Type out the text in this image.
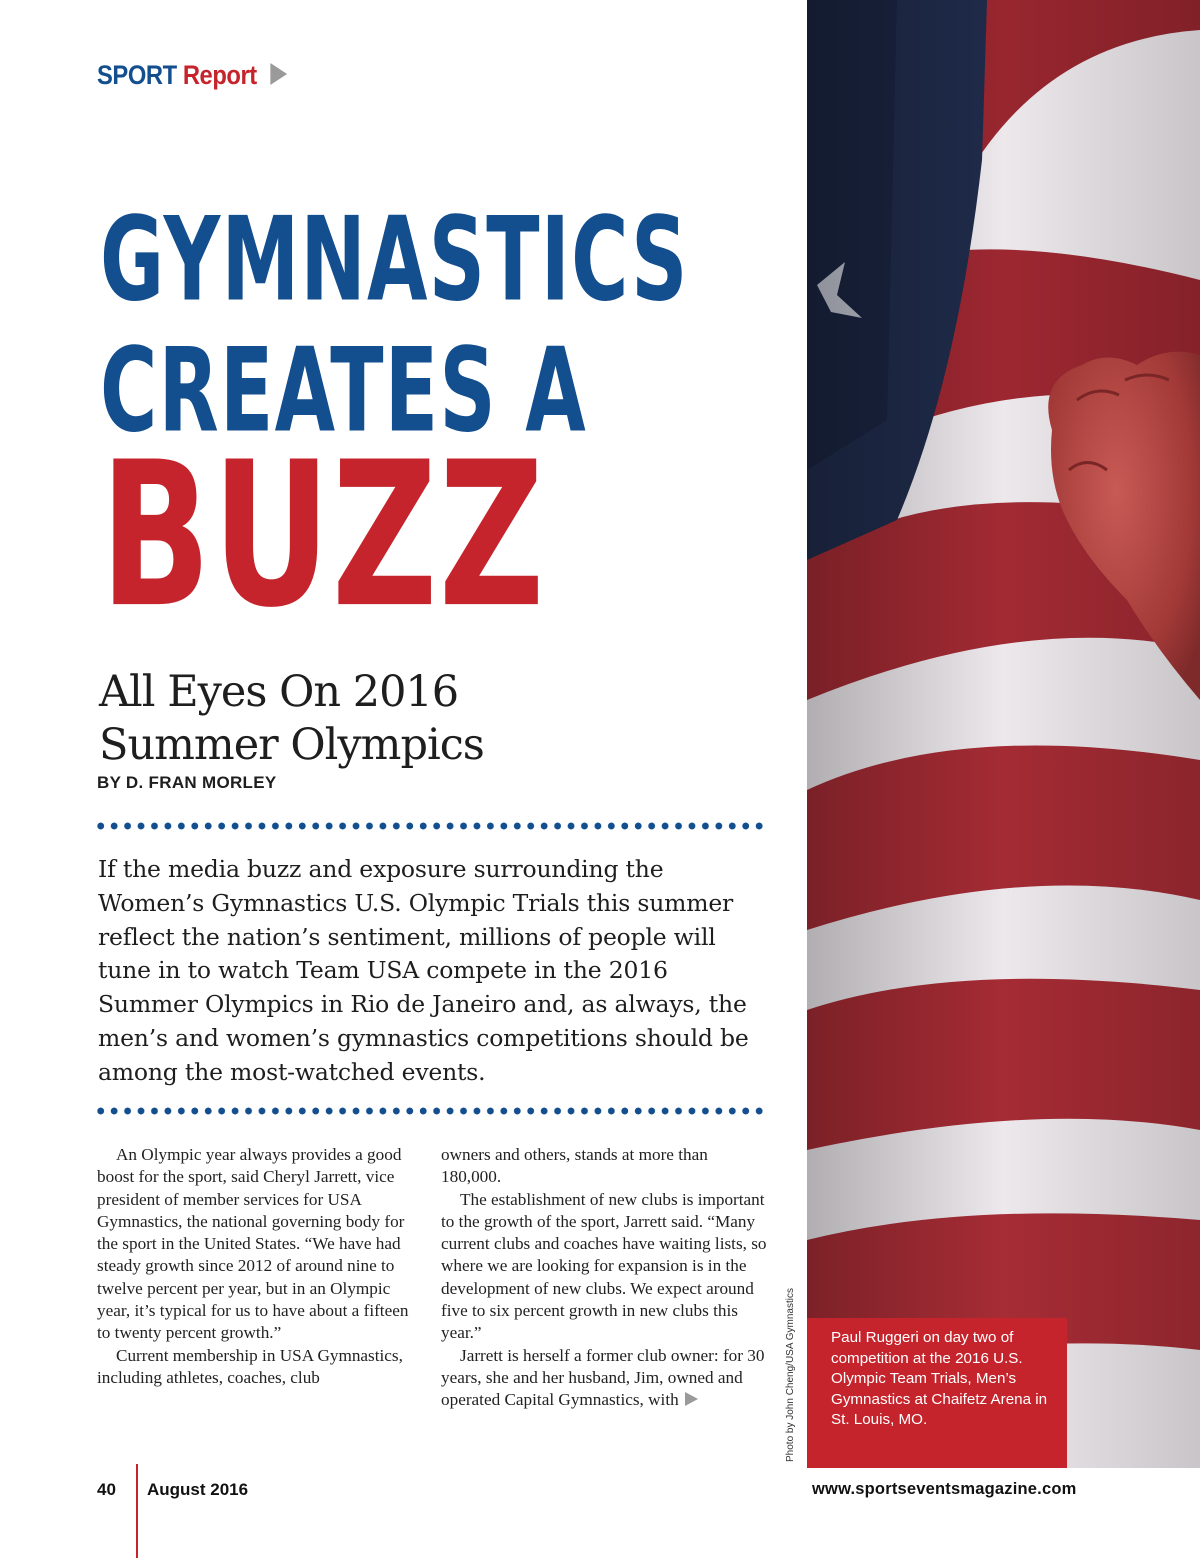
SPORT Report
GYMNASTICS
CREATES A
BUZZ
All Eyes On 2016
Summer Olympics
BY D. FRAN MORLEY

If the media buzz and exposure surrounding the Women’s Gymnastics U.S. Olympic Trials this summer reflect the nation’s sentiment, millions of people will tune in to watch Team USA compete in the 2016 Summer Olympics in Rio de Janeiro and, as always, the men’s and women’s gymnastics competitions should be among the most-watched events.

An Olympic year always provides a good boost for the sport, said Cheryl Jarrett, vice president of member services for USA Gymnastics, the national governing body for the sport in the United States. “We have had steady growth since 2012 of around nine to twelve percent per year, but in an Olympic year, it’s typical for us to have about a fifteen to twenty percent growth.”

Current membership in USA Gymnastics, including athletes, coaches, club

owners and others, stands at more than 180,000.

The establishment of new clubs is important to the growth of the sport, Jarrett said. “Many current clubs and coaches have waiting lists, so where we are looking for expansion is in the development of new clubs. We expect around five to six percent growth in new clubs this year.”

Jarrett is herself a former club owner: for 30 years, she and her husband, Jim, owned and operated Capital Gymnastics, with	Photo by John Cheng/USA Gymnastics	Paul Ruggeri on day two of competition at the 2016 U.S. Olympic Team Trials, Men’s Gymnastics at Chaifetz Arena in St. Louis, MO.
40 August 2016	www.sportseventsmagazine.com
